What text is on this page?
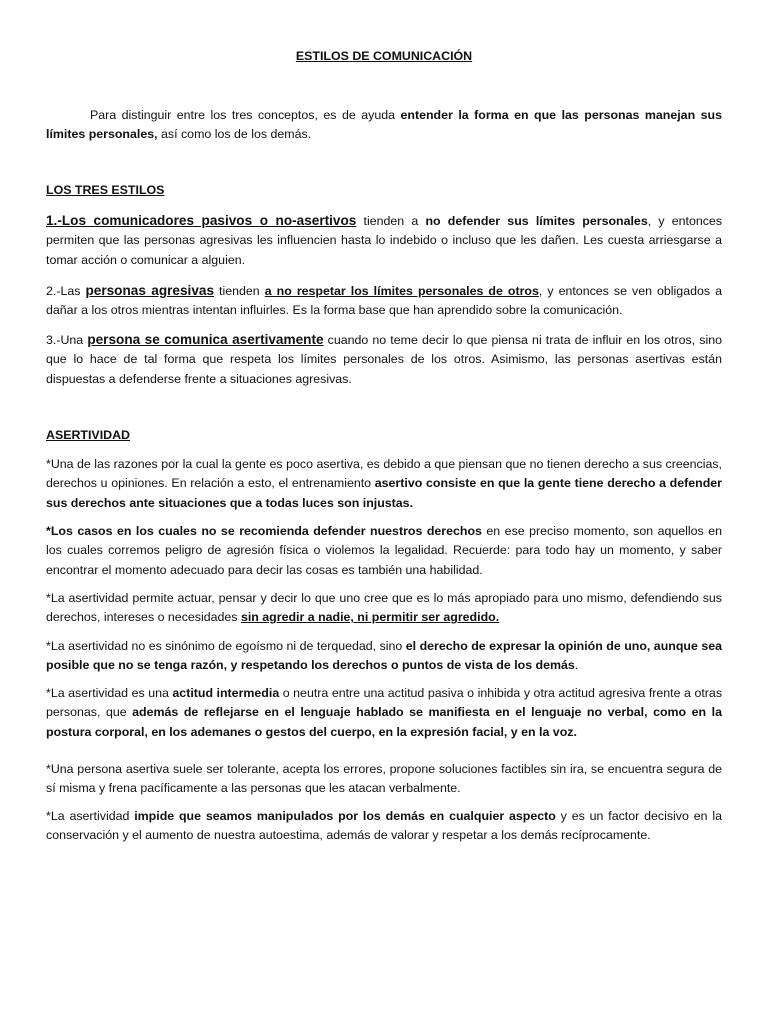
ESTILOS DE COMUNICACIÓN

Para distinguir entre los tres conceptos, es de ayuda entender la forma en que las personas manejan sus límites personales, así como los de los demás.

LOS TRES ESTILOS

1.-Los comunicadores pasivos o no-asertivos tienden a no defender sus límites personales, y entonces permiten que las personas agresivas les influencien hasta lo indebido o incluso que les dañen. Les cuesta arriesgarse a tomar acción o comunicar a alguien.

2.-Las personas agresivas tienden a no respetar los límites personales de otros, y entonces se ven obligados a dañar a los otros mientras intentan influirles. Es la forma base que han aprendido sobre la comunicación.

3.-Una persona se comunica asertivamente cuando no teme decir lo que piensa ni trata de influir en los otros, sino que lo hace de tal forma que respeta los límites personales de los otros. Asimismo, las personas asertivas están dispuestas a defenderse frente a situaciones agresivas.

ASERTIVIDAD

*Una de las razones por la cual la gente es poco asertiva, es debido a que piensan que no tienen derecho a sus creencias, derechos u opiniones. En relación a esto, el entrenamiento asertivo consiste en que la gente tiene derecho a defender sus derechos ante situaciones que a todas luces son injustas.

*Los casos en los cuales no se recomienda defender nuestros derechos en ese preciso momento, son aquellos en los cuales corremos peligro de agresión física o violemos la legalidad. Recuerde: para todo hay un momento, y saber encontrar el momento adecuado para decir las cosas es también una habilidad.

*La asertividad permite actuar, pensar y decir lo que uno cree que es lo más apropiado para uno mismo, defendiendo sus derechos, intereses o necesidades sin agredir a nadie, ni permitir ser agredido.

*La asertividad no es sinónimo de egoísmo ni de terquedad, sino el derecho de expresar la opinión de uno, aunque sea posible que no se tenga razón, y respetando los derechos o puntos de vista de los demás.

*La asertividad es una actitud intermedia o neutra entre una actitud pasiva o inhibida y otra actitud agresiva frente a otras personas, que además de reflejarse en el lenguaje hablado se manifiesta en el lenguaje no verbal, como en la postura corporal, en los ademanes o gestos del cuerpo, en la expresión facial, y en la voz.

*Una persona asertiva suele ser tolerante, acepta los errores, propone soluciones factibles sin ira, se encuentra segura de sí misma y frena pacíficamente a las personas que les atacan verbalmente.

*La asertividad impide que seamos manipulados por los demás en cualquier aspecto y es un factor decisivo en la conservación y el aumento de nuestra autoestima, además de valorar y respetar a los demás recíprocamente.
